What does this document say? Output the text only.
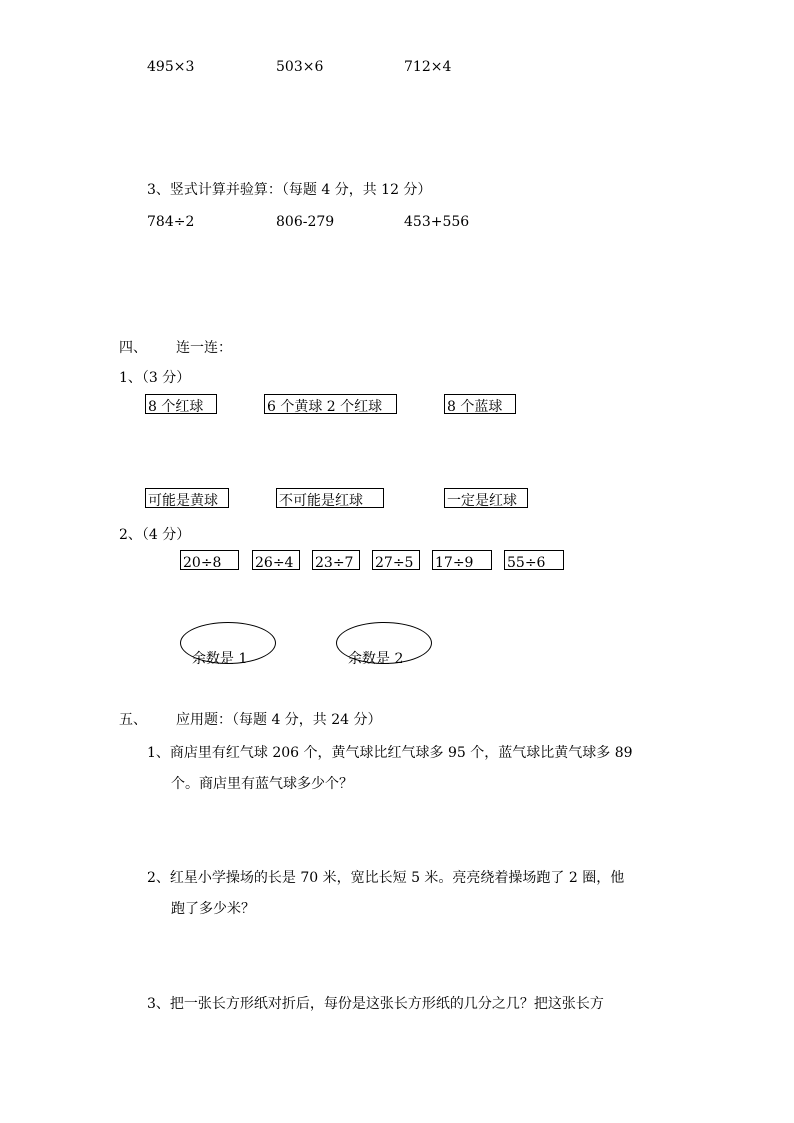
495×3	503×6	712×4
3、竖式计算并验算：（每题 4 分，共 12 分）
784÷2	806-279	453+556
四、 连一连：
1、（3 分）
8 个红球	6 个黄球 2 个红球	8 个蓝球
可能是黄球	不可能是红球	一定是红球
2、（4 分）
20÷8	26÷4	23÷7	27÷5	17÷9	55÷6
余数是 1	余数是 2
五、 应用题：（每题 4 分，共 24 分）
1、商店里有红气球 206 个，黄气球比红气球多 95 个，蓝气球比黄气球多 89
个。商店里有蓝气球多少个？
2、红星小学操场的长是 70 米，宽比长短 5 米。亮亮绕着操场跑了 2 圈，他
跑了多少米？
3、把一张长方形纸对折后，每份是这张长方形纸的几分之几？把这张长方
